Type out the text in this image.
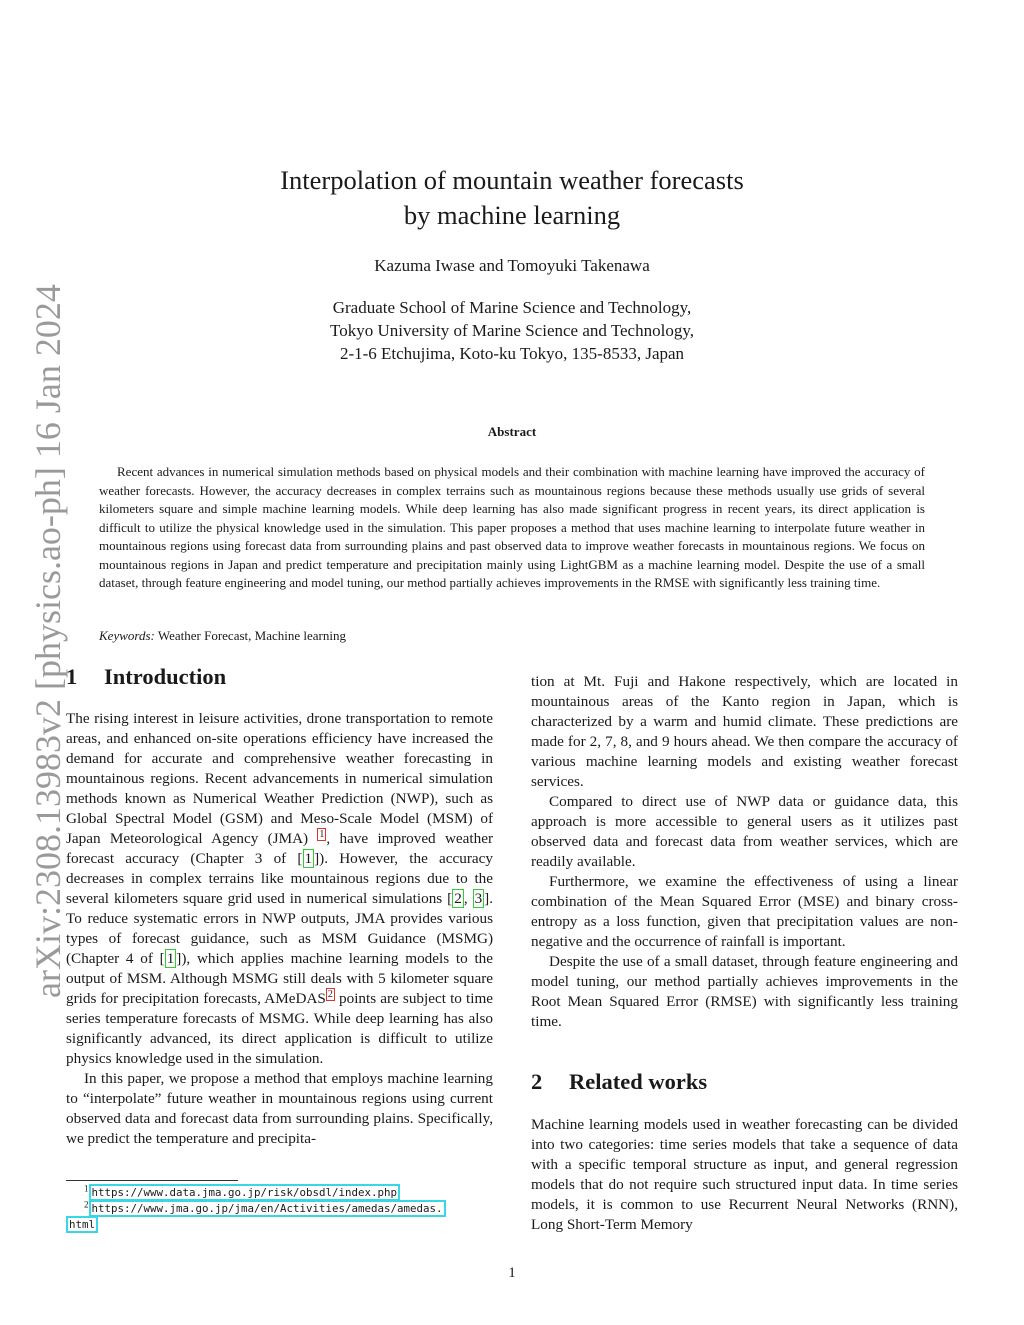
arXiv:2308.13983v2 [physics.ao-ph] 16 Jan 2024
Interpolation of mountain weather forecasts
by machine learning
Kazuma Iwase and Tomoyuki Takenawa
Graduate School of Marine Science and Technology,
Tokyo University of Marine Science and Technology,
2-1-6 Etchujima, Koto-ku Tokyo, 135-8533, Japan
Abstract

Recent advances in numerical simulation methods based on physical models and their combination with machine learning have improved the accuracy of weather forecasts. However, the accuracy decreases in complex terrains such as mountainous regions because these methods usually use grids of several kilometers square and simple machine learning models. While deep learning has also made significant progress in recent years, its direct application is difficult to utilize the physical knowledge used in the simulation. This paper proposes a method that uses machine learning to interpolate future weather in mountainous regions using forecast data from surrounding plains and past observed data to improve weather forecasts in mountainous regions. We focus on mountainous regions in Japan and predict temperature and precipitation mainly using LightGBM as a machine learning model. Despite the use of a small dataset, through feature engineering and model tuning, our method partially achieves improvements in the RMSE with significantly less training time.

Keywords: Weather Forecast, Machine learning
1 Introduction

The rising interest in leisure activities, drone transportation to remote areas, and enhanced on-site operations efficiency have increased the demand for accurate and comprehensive weather forecasting in mountainous regions. Recent advancements in numerical simulation methods known as Numerical Weather Prediction (NWP), such as Global Spectral Model (GSM) and Meso-Scale Model (MSM) of Japan Meteorological Agency (JMA) $^1$ , have improved weather forecast accuracy (Chapter 3 of [ 1 ]). However, the accuracy decreases in complex terrains like mountainous regions due to the several kilometers square grid used in numerical simulations [ 2 , 3 ]. To reduce systematic errors in NWP outputs, JMA provides various types of forecast guidance, such as MSM Guidance (MSMG) (Chapter 4 of [ 1 ]), which applies machine learning models to the output of MSM. Although MSMG still deals with 5 kilometer square grids for precipitation forecasts, AMeDAS $^2$ points are subject to time series temperature forecasts of MSMG. While deep learning has also significantly advanced, its direct application is difficult to utilize physics knowledge used in the simulation.

In this paper, we propose a method that employs machine learning to “interpolate” future weather in mountainous regions using current observed data and forecast data from surrounding plains. Specifically, we predict the temperature and precipita-

tion at Mt. Fuji and Hakone respectively, which are located in mountainous areas of the Kanto region in Japan, which is characterized by a warm and humid climate. These predictions are made for 2, 7, 8, and 9 hours ahead. We then compare the accuracy of various machine learning models and existing weather forecast services.

Compared to direct use of NWP data or guidance data, this approach is more accessible to general users as it utilizes past observed data and forecast data from weather services, which are readily available.

Furthermore, we examine the effectiveness of using a linear combination of the Mean Squared Error (MSE) and binary cross-entropy as a loss function, given that precipitation values are non-negative and the occurrence of rainfall is important.

Despite the use of a small dataset, through feature engineering and model tuning, our method partially achieves improvements in the Root Mean Squared Error (RMSE) with significantly less training time.

2 Related works

Machine learning models used in weather forecasting can be divided into two categories: time series models that take a sequence of data with a specific temporal structure as input, and general regression models that do not require such structured input data. In time series models, it is common to use Recurrent Neural Networks (RNN), Long Short-Term Memory

$^1$ https://www.data.jma.go.jp/risk/obsdl/index.php
$^2$ https://www.jma.go.jp/jma/en/Activities/amedas/amedas.
html
1
